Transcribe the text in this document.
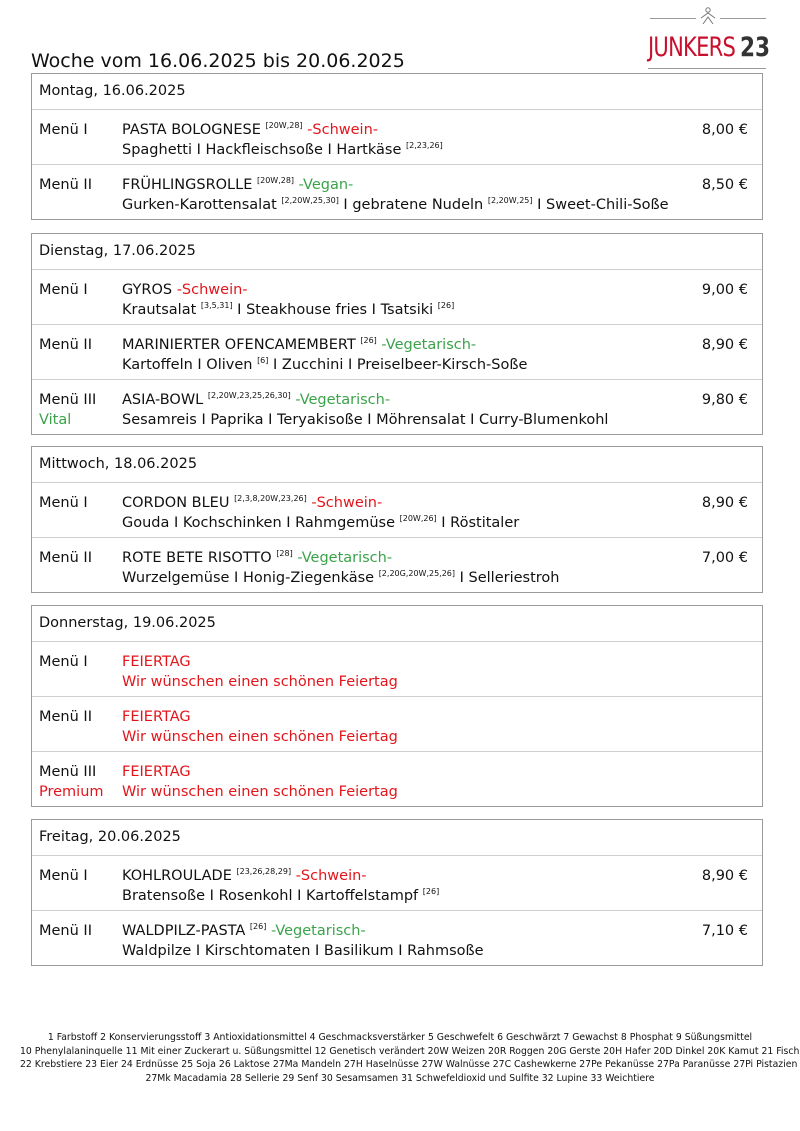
JUNKERS 23
Woche vom 16.06.2025 bis 20.06.2025
Montag, 16.06.2025
Menü I PASTA BOLOGNESE [20W,28] -Schwein-
Spaghetti I Hackfleischsoße I Hartkäse [2,23,26]
8,00 €
Menü II FRÜHLINGSROLLE [20W,28] -Vegan-
Gurken-Karottensalat [2,20W,25,30] I gebratene Nudeln [2,20W,25] I Sweet-Chili-Soße
8,50 €
Dienstag, 17.06.2025
Menü I GYROS -Schwein-
Krautsalat [3,5,31] I Steakhouse fries I Tsatsiki [26]
9,00 €
Menü II MARINIERTER OFENCAMEMBERT [26] -Vegetarisch-
Kartoffeln I Oliven [6] I Zucchini I Preiselbeer-Kirsch-Soße
8,90 €
Menü III
Vital
ASIA-BOWL [2,20W,23,25,26,30] -Vegetarisch-
Sesamreis I Paprika I Teryakisoße I Möhrensalat I Curry-Blumenkohl
9,80 €
Mittwoch, 18.06.2025
Menü I CORDON BLEU [2,3,8,20W,23,26] -Schwein-
Gouda I Kochschinken I Rahmgemüse [20W,26] I Röstitaler
8,90 €
Menü II ROTE BETE RISOTTO [28] -Vegetarisch-
Wurzelgemüse I Honig-Ziegenkäse [2,20G,20W,25,26] I Selleriestroh
7,00 €
Donnerstag, 19.06.2025
Menü I FEIERTAG
Wir wünschen einen schönen Feiertag
Menü II FEIERTAG
Wir wünschen einen schönen Feiertag
Menü III
Premium
FEIERTAG
Wir wünschen einen schönen Feiertag
Freitag, 20.06.2025
Menü I KOHLROULADE [23,26,28,29] -Schwein-
Bratensoße I Rosenkohl I Kartoffelstampf [26]
8,90 €
Menü II WALDPILZ-PASTA [26] -Vegetarisch-
Waldpilze I Kirschtomaten I Basilikum I Rahmsoße
7,10 €
1 Farbstoff 2 Konservierungsstoff 3 Antioxidationsmittel 4 Geschmacksverstärker 5 Geschwefelt 6 Geschwärzt 7 Gewachst 8 Phosphat 9 Süßungsmittel
10 Phenylalaninquelle 11 Mit einer Zuckerart u. Süßungsmittel 12 Genetisch verändert 20W Weizen 20R Roggen 20G Gerste 20H Hafer 20D Dinkel 20K Kamut 21 Fisch
22 Krebstiere 23 Eier 24 Erdnüsse 25 Soja 26 Laktose 27Ma Mandeln 27H Haselnüsse 27W Walnüsse 27C Cashewkerne 27Pe Pekanüsse 27Pa Paranüsse 27Pi Pistazien
27Mk Macadamia 28 Sellerie 29 Senf 30 Sesamsamen 31 Schwefeldioxid und Sulfite 32 Lupine 33 Weichtiere
